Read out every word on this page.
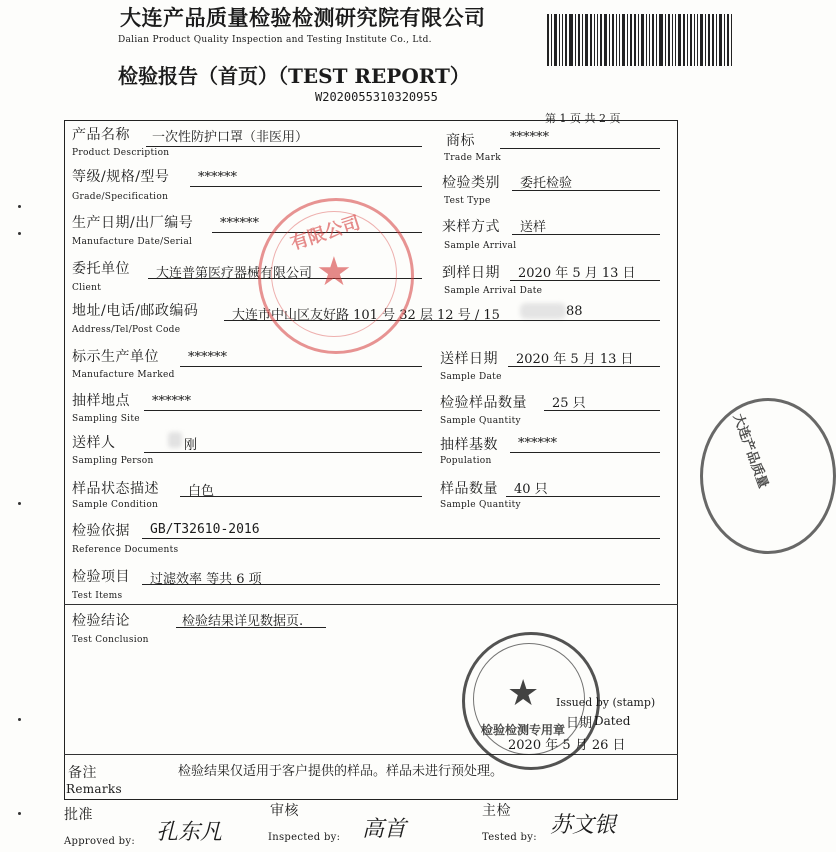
大连产品质量检验检测研究院有限公司
Dalian Product Quality Inspection and Testing Institute Co., Ltd.
检验报告（首页）（TEST REPORT）
W2020055310320955
第 1 页 共 2 页
产品名称 一次性防护口罩（非医用）
Product Description
商标	******
Trade Mark
等级/规格/型号 ******
Grade/Specification
检验类别 委托检验
Test Type
生产日期/出厂编号 ******
Manufacture Date/Serial
来样方式 送样
Sample Arrival
委托单位 大连普第医疗器械有限公司
Client
到样日期 2020 年 5 月 13 日
Sample Arrival Date
地址/电话/邮政编码	大连市中山区友好路 101 号 32 层 12 号 / 15	88
Address/Tel/Post Code
标示生产单位 ******
Manufacture Marked
送样日期 2020 年 5 月 13 日
Sample Date
抽样地点 ******
Sampling Site
检验样品数量 25 只
Sample Quantity
送样人	刚
Sampling Person
抽样基数 ******
Population
样品状态描述 白色
Sample Condition
样品数量 40 只
Sample Quantity
检验依据 GB/T32610-2016
Reference Documents
检验项目 过滤效率 等共 6 项
Test Items
检验结论	检验结果详见数据页.
Test Conclusion
Issued by (stamp)
日期 Dated
2020 年 5 月 26 日
备注	检验结果仅适用于客户提供的样品。样品未进行预处理。
Remarks
批准
Approved by: 孔东凡
审核
Inspected by: 高首
主检
Tested by: 苏文银
有限公司
★
★
检验检测专用章
大连产品质量
